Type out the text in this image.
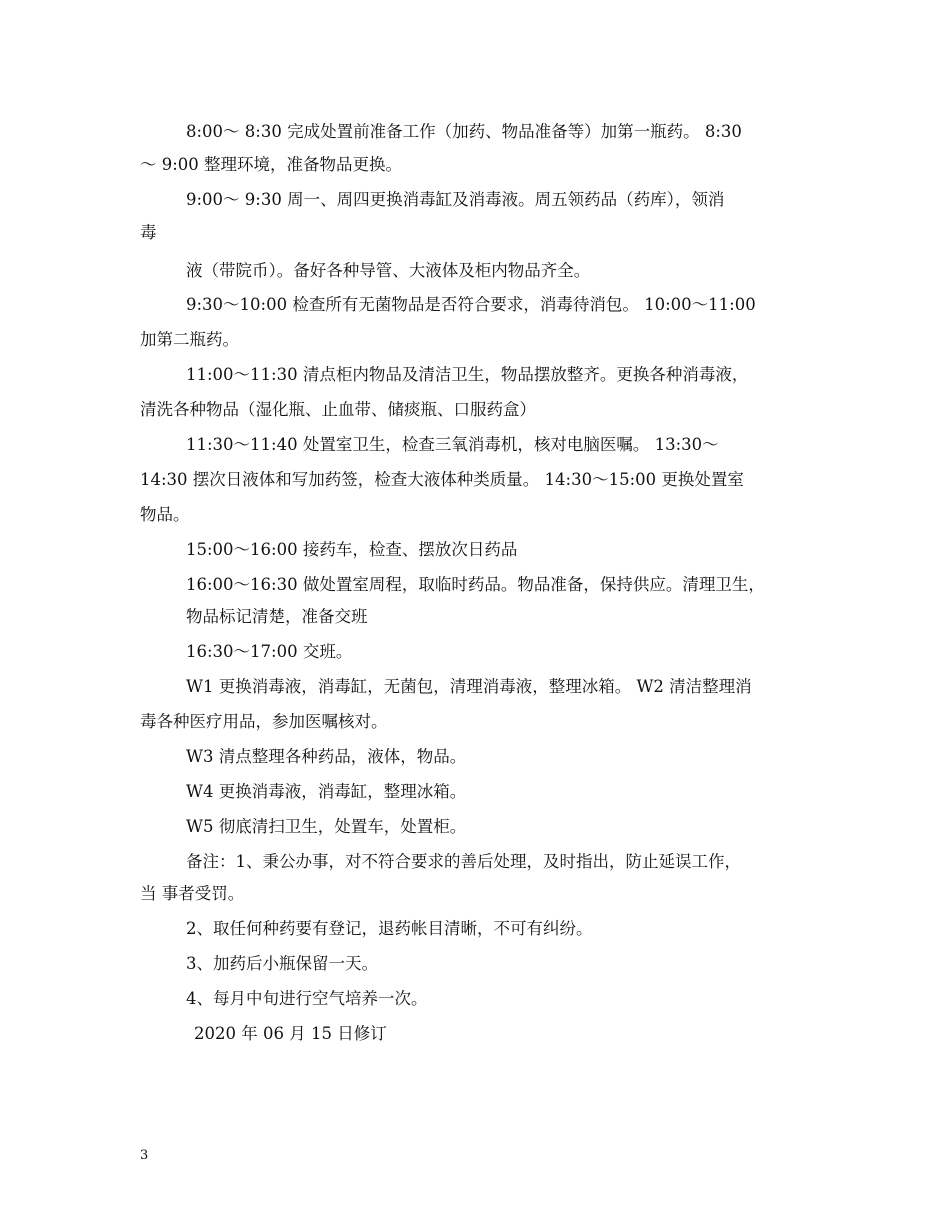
8:00～ 8:30 完成处置前准备工作（加药、物品准备等）加第一瓶药。 8:30
～ 9:00 整理环境，准备物品更换。
9:00～ 9:30 周一、周四更换消毒缸及消毒液。周五领药品（药库），领消
毒
液（带院币）。备好各种导管、大液体及柜内物品齐全。
9:30～10:00 检查所有无菌物品是否符合要求，消毒待消包。 10:00～11:00
加第二瓶药。
11:00～11:30 清点柜内物品及清洁卫生，物品摆放整齐。更换各种消毒液，
清洗各种物品（湿化瓶、止血带、储痰瓶、口服药盒）
11:30～11:40 处置室卫生，检查三氧消毒机，核对电脑医嘱。 13:30～
14:30 摆次日液体和写加药签，检查大液体种类质量。 14:30～15:00 更换处置室
物品。
15:00～16:00 接药车，检查、摆放次日药品
16:00～16:30 做处置室周程，取临时药品。物品准备，保持供应。清理卫生，
物品标记清楚，准备交班
16:30～17:00 交班。
W1 更换消毒液，消毒缸，无菌包，清理消毒液，整理冰箱。 W2 清洁整理消
毒各种医疗用品，参加医嘱核对。
W3 清点整理各种药品，液体，物品。
W4 更换消毒液，消毒缸，整理冰箱。
W5 彻底清扫卫生，处置车，处置柜。
备注：1、秉公办事，对不符合要求的善后处理，及时指出，防止延误工作，
当 事者受罚。
2、取任何种药要有登记，退药帐目清晰，不可有纠纷。
3、加药后小瓶保留一天。
4、每月中旬进行空气培养一次。
2020 年 06 月 15 日修订
3
